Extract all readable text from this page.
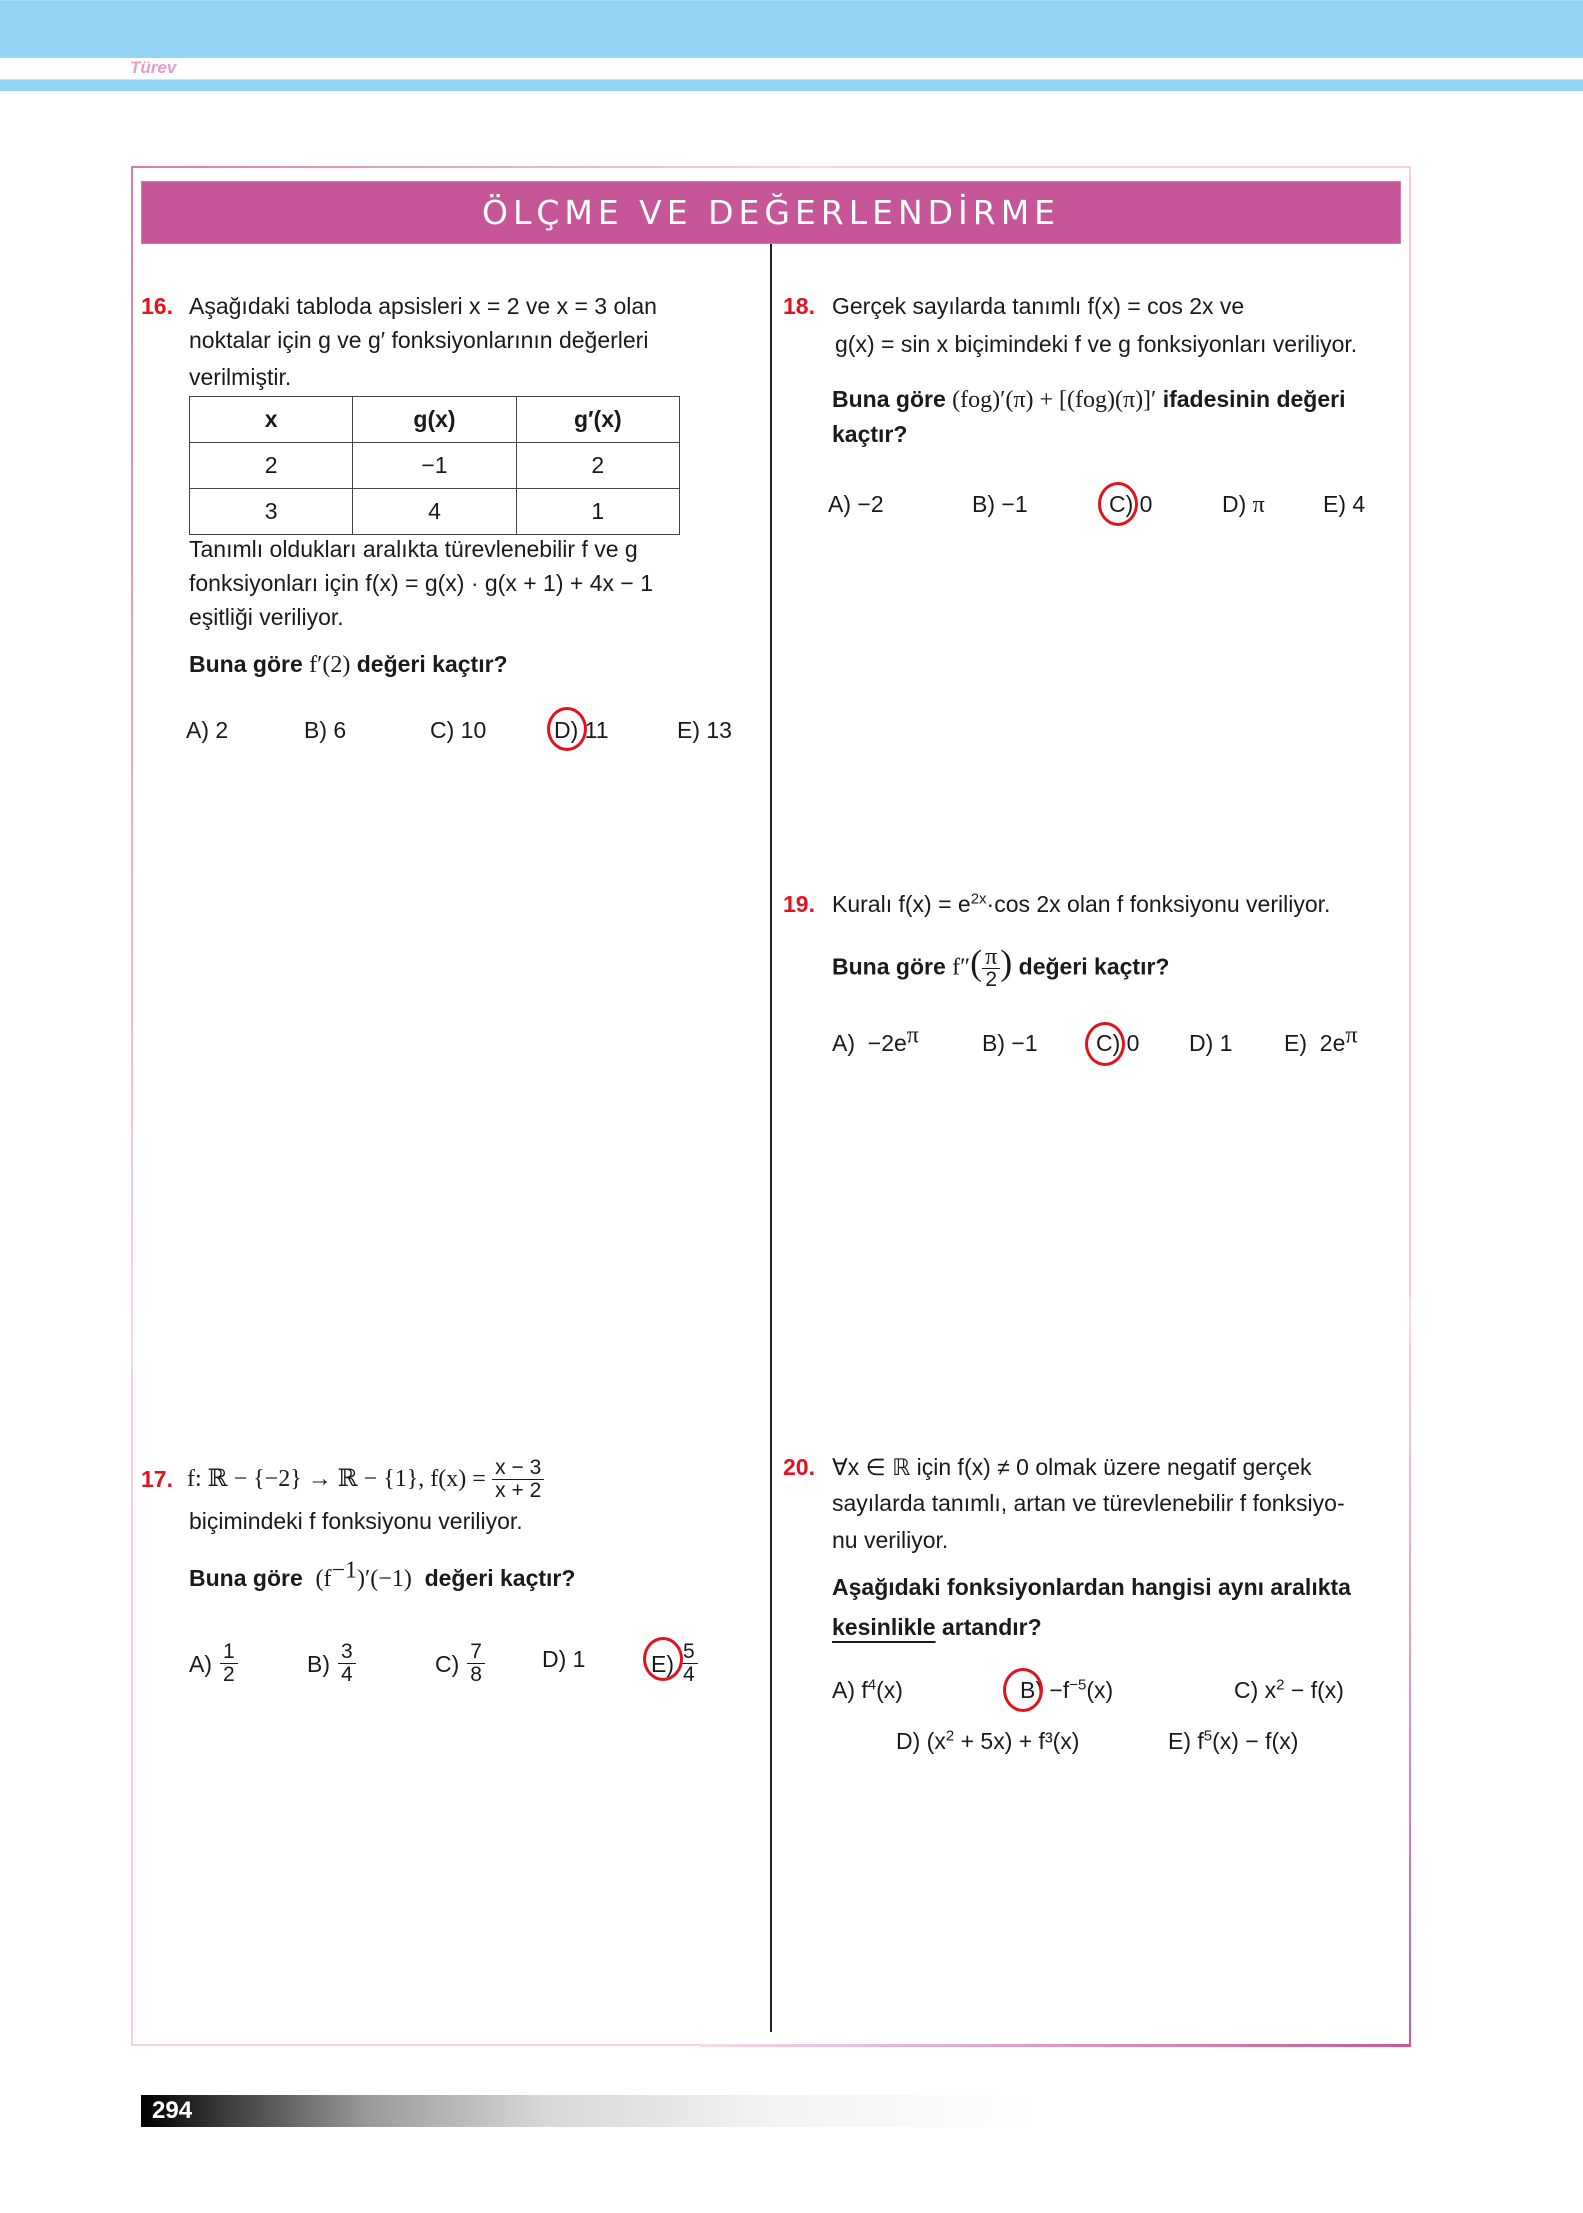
Türev
ÖLÇME VE DEĞERLENDİRME
16. Aşağıdaki tabloda apsisleri x = 2 ve x = 3 olan
noktalar için g ve g′ fonksiyonlarının değerleri
verilmiştir.
x	g(x)	g′(x)
2	−1	2
3	4	1
Tanımlı oldukları aralıkta türevlenebilir f ve g
fonksiyonları için f(x) = g(x) · g(x + 1) + 4x − 1
eşitliği veriliyor.
Buna göre f′(2) değeri kaçtır?
A) 2	B) 6	C) 10	D) 11	E) 13
18. Gerçek sayılarda tanımlı f(x) = cos 2x ve
g(x) = sin x biçimindeki f ve g fonksiyonları veriliyor.
Buna göre (fog)′(π) + [(fog)(π)]′ ifadesinin değeri
kaçtır?
A) −2	B) −1	C) 0	D) π	E) 4
19. Kuralı $f(x) = e^{2x}\cdot\cos$ 2x olan f fonksiyonu veriliyor.
Buna göre $f''( \frac{\pi}{2}$ ) değeri kaçtır?
$A) -2e^\pi$	B) −1	C) 0 D) 1 E) $2e^\pi$
17. f: ℝ − {−2} → ℝ − {1}, f(x) =
$\frac{x - 3}{x + 2}$
biçimindeki f fonksiyonu veriliyor.
Buna göre $(f^{-1})'(-1)$ değeri kaçtır?
$A) \frac{1}{2}$	$B) \frac{3}{4}$	$C) \frac{7}{8} D$) 1	$E) \frac{5}{4}$
20. ∀x ∈ ℝ için f(x) ≠ 0 olmak üzere negatif gerçek
sayılarda tanımlı, artan ve türevlenebilir f fonksiyo-
nu veriliyor.
Aşağıdaki fonksiyonlardan hangisi aynı aralıkta
kesinlikle artandır?
A) $f^4(x)$	$B) -f^{-5}(x)$	C) $x^2 - f(x)$
D) $(x^2 + 5x) + f^3(x)$	E) $f^5(x) - f(x)$
294
